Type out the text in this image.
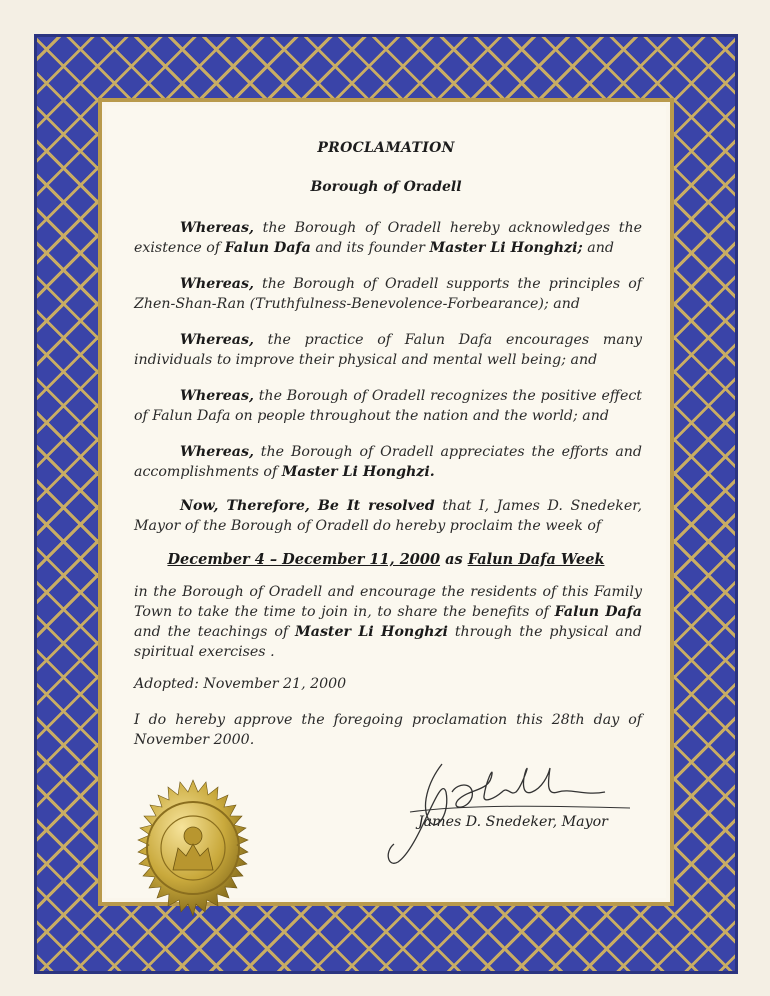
PROCLAMATION
Borough of Oradell

Whereas, the Borough of Oradell hereby acknowledges the existence of Falun Dafa and its founder Master Li Honghzi; and

Whereas, the Borough of Oradell supports the principles of Zhen-Shan-Ran (Truthfulness-Benevolence-Forbearance); and

Whereas, the practice of Falun Dafa encourages many individuals to improve their physical and mental well being; and

Whereas, the Borough of Oradell recognizes the positive effect of Falun Dafa on people throughout the nation and the world; and

Whereas, the Borough of Oradell appreciates the efforts and accomplishments of Master Li Honghzi.

Now, Therefore, Be It resolved that I, James D. Snedeker, Mayor of the Borough of Oradell do hereby proclaim the week of

December 4 – December 11, 2000 as Falun Dafa Week

in the Borough of Oradell and encourage the residents of this Family Town to take the time to join in, to share the benefits of Falun Dafa and the teachings of Master Li Honghzi through the physical and spiritual exercises .

Adopted: November 21, 2000

I do hereby approve the foregoing proclamation this 28th day of November 2000.

James D. Snedeker, Mayor
